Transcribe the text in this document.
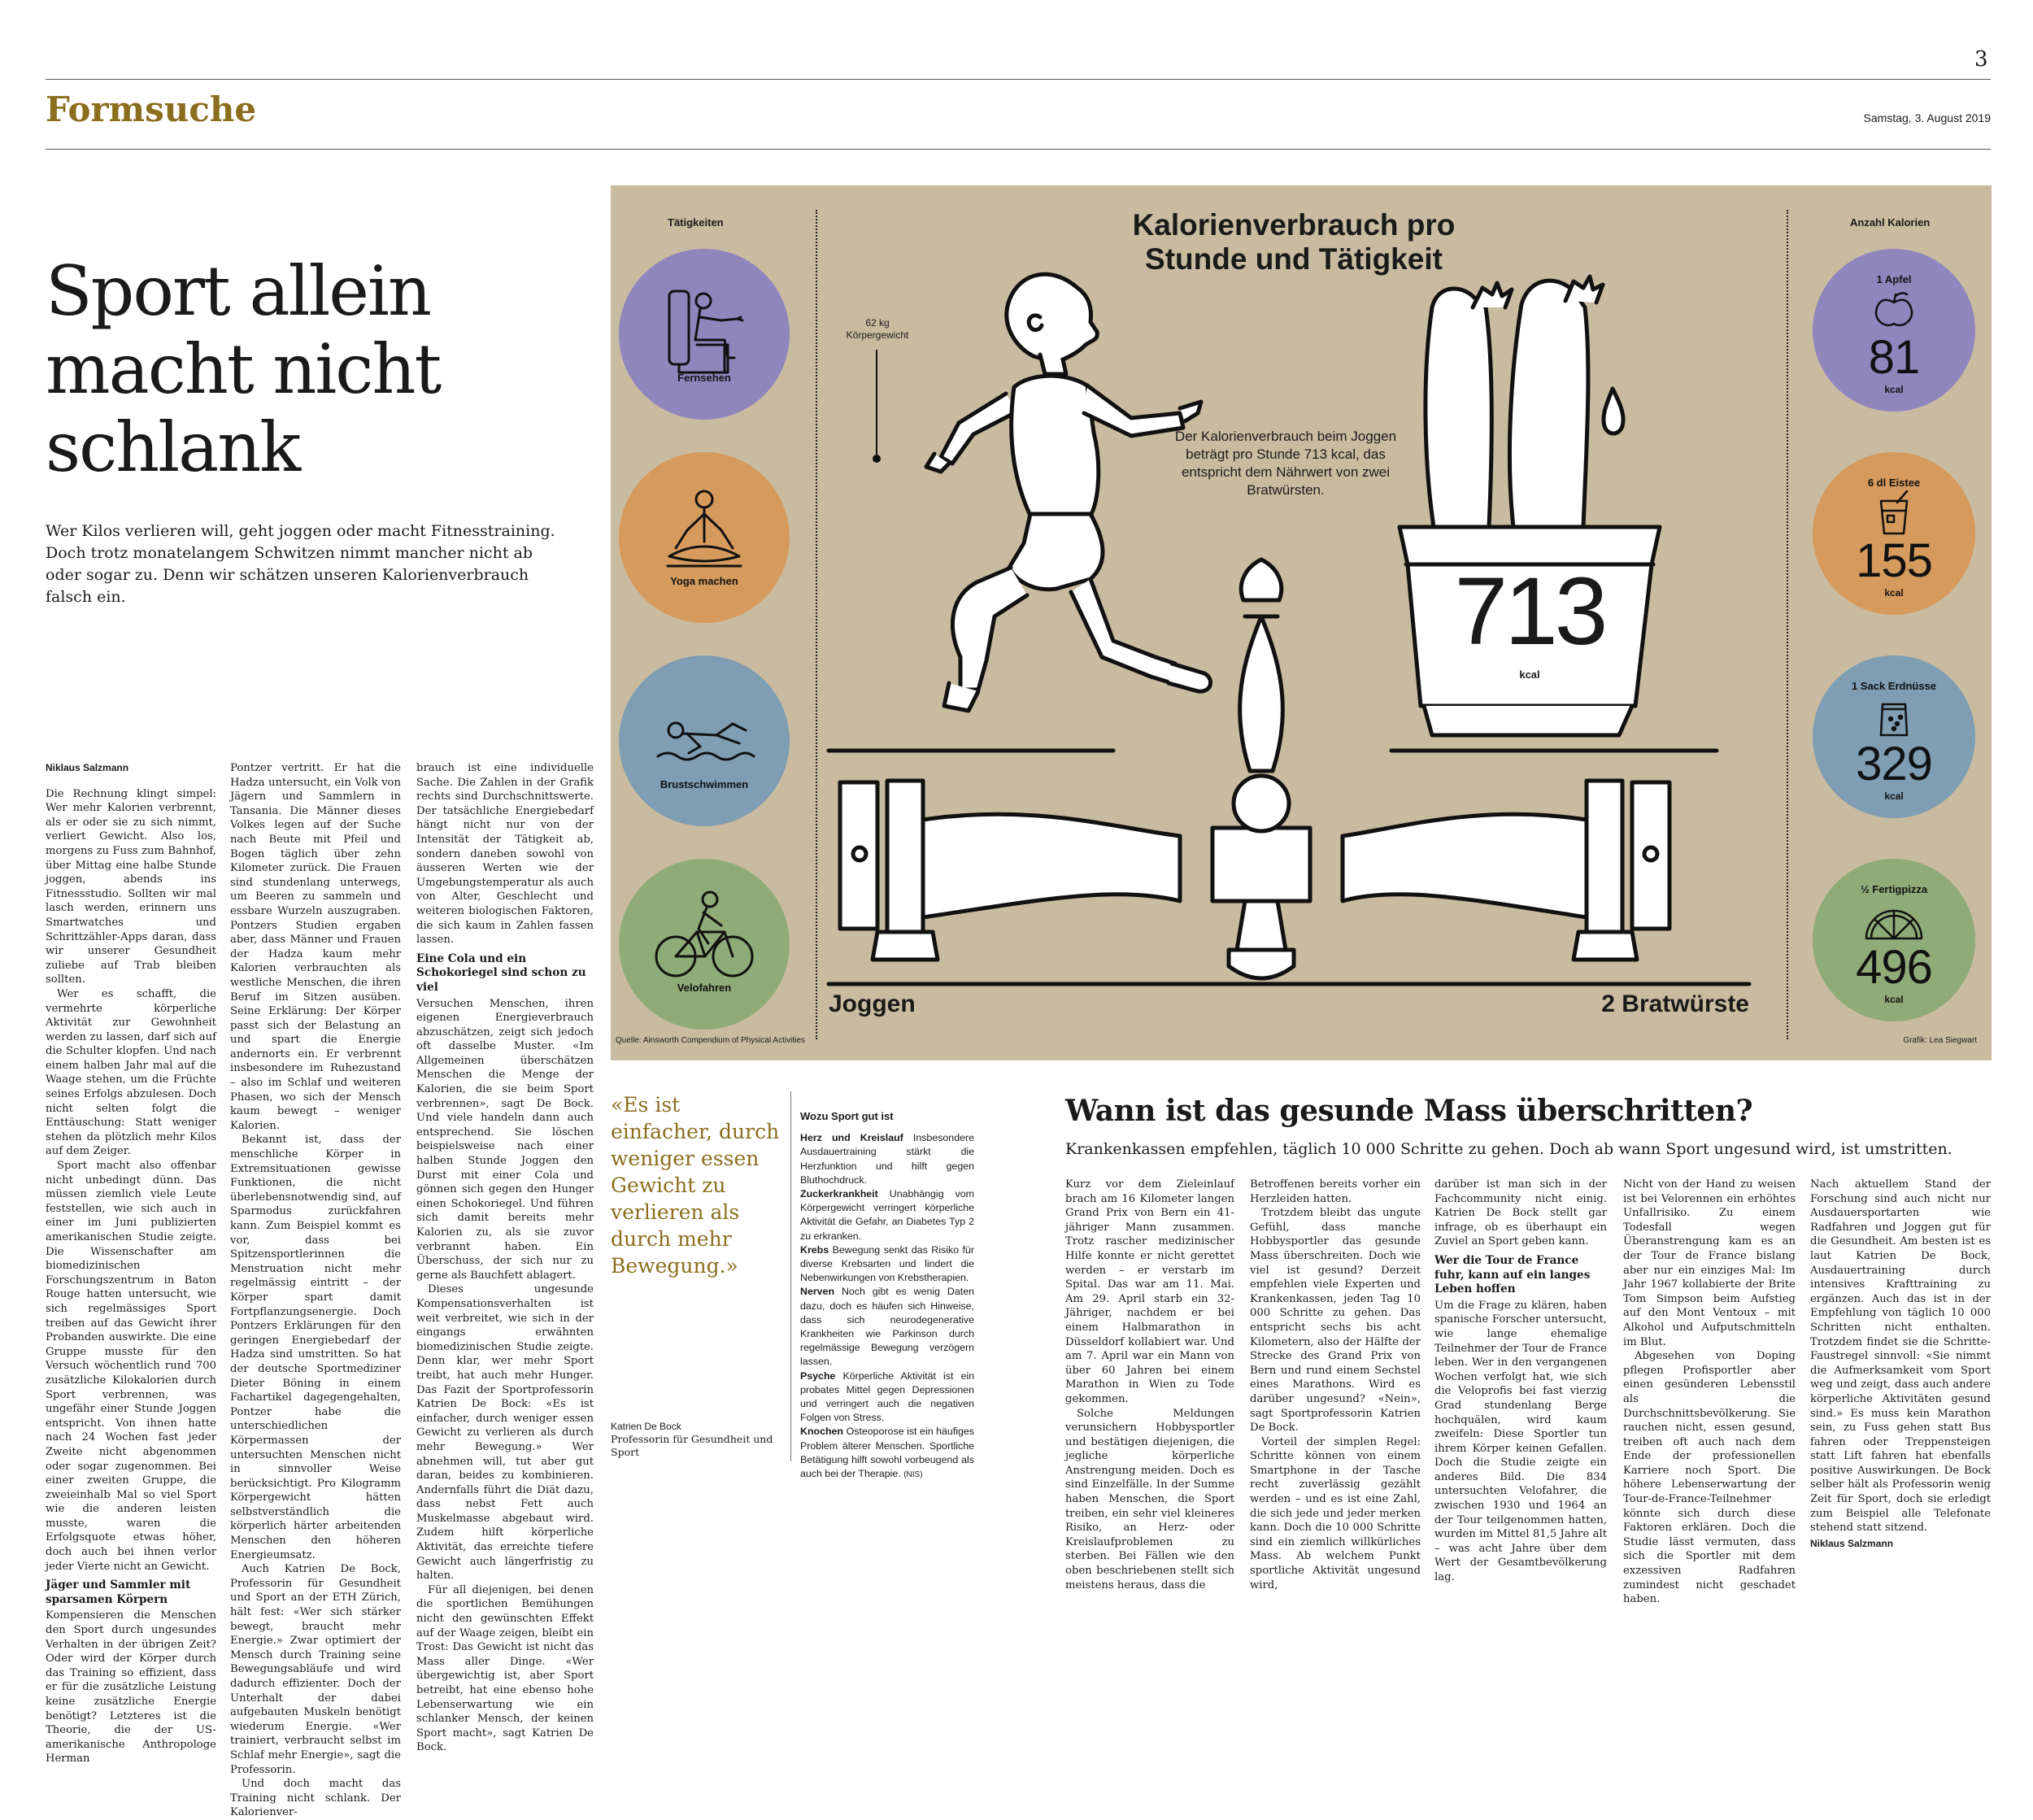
3
Formsuche	Samstag, 3. August 2019
Sport allein macht nicht schlank
Wer Kilos verlieren will, geht joggen oder macht Fitnesstraining. Doch trotz monatelangem Schwitzen nimmt mancher nicht ab oder sogar zu. Denn wir schätzen unseren Kalorienverbrauch falsch ein.
Niklaus Salzmann

Die Rechnung klingt simpel: Wer mehr Kalorien verbrennt, als er oder sie zu sich nimmt, verliert Gewicht. Also los, morgens zu Fuss zum Bahnhof, über Mittag eine halbe Stunde joggen, abends ins Fitnessstudio. Sollten wir mal lasch werden, erinnern uns Smartwatches und Schrittzähler-Apps daran, dass wir unserer Gesundheit zuliebe auf Trab bleiben sollten.

Wer es schafft, die vermehrte körperliche Aktivität zur Gewohnheit werden zu lassen, darf sich auf die Schulter klopfen. Und nach einem halben Jahr mal auf die Waage stehen, um die Früchte seines Erfolgs abzulesen. Doch nicht selten folgt die Enttäuschung: Statt weniger stehen da plötzlich mehr Kilos auf dem Zeiger.

Sport macht also offenbar nicht unbedingt dünn. Das müssen ziemlich viele Leute feststellen, wie sich auch in einer im Juni publizierten amerikanischen Studie zeigte. Die Wissenschafter am biomedizinischen Forschungszentrum in Baton Rouge hatten untersucht, wie sich regelmässiges Sport treiben auf das Gewicht ihrer Probanden auswirkte. Die eine Gruppe musste für den Versuch wöchentlich rund 700 zusätzliche Kilokalorien durch Sport verbrennen, was ungefähr einer Stunde Joggen entspricht. Von ihnen hatte nach 24 Wochen fast jeder Zweite nicht abgenommen oder sogar zugenommen. Bei einer zweiten Gruppe, die zweieinhalb Mal so viel Sport wie die anderen leisten musste, waren die Erfolgsquote etwas höher, doch auch bei ihnen verlor jeder Vierte nicht an Gewicht.

Jäger und Sammler mit sparsamen Körpern

Kompensieren die Menschen den Sport durch ungesundes Verhalten in der übrigen Zeit? Oder wird der Körper durch das Training so effizient, dass er für die zusätzliche Leistung keine zusätzliche Energie benötigt? Letzteres ist die Theorie, die der US-amerikanische Anthropologe Herman

Pontzer vertritt. Er hat die Hadza untersucht, ein Volk von Jägern und Sammlern in Tansania. Die Männer dieses Volkes legen auf der Suche nach Beute mit Pfeil und Bogen täglich über zehn Kilometer zurück. Die Frauen sind stundenlang unterwegs, um Beeren zu sammeln und essbare Wurzeln auszugraben. Pontzers Studien ergaben aber, dass Männer und Frauen der Hadza kaum mehr Kalorien verbrauchten als westliche Menschen, die ihren Beruf im Sitzen ausüben. Seine Erklärung: Der Körper passt sich der Belastung an und spart die Energie andernorts ein. Er verbrennt insbesondere im Ruhezustand – also im Schlaf und weiteren Phasen, wo sich der Mensch kaum bewegt – weniger Kalorien.

Bekannt ist, dass der menschliche Körper in Extremsituationen gewisse Funktionen, die nicht überlebensnotwendig sind, auf Sparmodus zurückfahren kann. Zum Beispiel kommt es vor, dass bei Spitzensportlerinnen die Menstruation nicht mehr regelmässig eintritt – der Körper spart damit Fortpflanzungsenergie. Doch Pontzers Erklärungen für den geringen Energiebedarf der Hadza sind umstritten. So hat der deutsche Sportmediziner Dieter Böning in einem Fachartikel dagegengehalten, Pontzer habe die unterschiedlichen Körpermassen der untersuchten Menschen nicht in sinnvoller Weise berücksichtigt. Pro Kilogramm Körpergewicht hätten selbstverständlich die körperlich härter arbeitenden Menschen den höheren Energieumsatz.

Auch Katrien De Bock, Professorin für Gesundheit und Sport an der ETH Zürich, hält fest: «Wer sich stärker bewegt, braucht mehr Energie.» Zwar optimiert der Mensch durch Training seine Bewegungsabläufe und wird dadurch effizienter. Doch der Unterhalt der dabei aufgebauten Muskeln benötigt wiederum Energie. «Wer trainiert, verbraucht selbst im Schlaf mehr Energie», sagt die Professorin.

Und doch macht das Training nicht schlank. Der Kalorienver-

brauch ist eine individuelle Sache. Die Zahlen in der Grafik rechts sind Durchschnittswerte. Der tatsächliche Energiebedarf hängt nicht nur von der Intensität der Tätigkeit ab, sondern daneben sowohl von äusseren Werten wie der Umgebungstemperatur als auch von Alter, Geschlecht und weiteren biologischen Faktoren, die sich kaum in Zahlen fassen lassen.

Eine Cola und ein Schokoriegel sind schon zu viel

Versuchen Menschen, ihren eigenen Energieverbrauch abzuschätzen, zeigt sich jedoch oft dasselbe Muster. «Im Allgemeinen überschätzen Menschen die Menge der Kalorien, die sie beim Sport verbrennen», sagt De Bock. Und viele handeln dann auch entsprechend. Sie löschen beispielsweise nach einer halben Stunde Joggen den Durst mit einer Cola und gönnen sich gegen den Hunger einen Schokoriegel. Und führen sich damit bereits mehr Kalorien zu, als sie zuvor verbrannt haben. Ein Überschuss, der sich nur zu gerne als Bauchfett ablagert.

Dieses ungesunde Kompensationsverhalten ist weit verbreitet, wie sich in der eingangs erwähnten biomedizinischen Studie zeigte. Denn klar, wer mehr Sport treibt, hat auch mehr Hunger. Das Fazit der Sportprofessorin Katrien De Bock: «Es ist einfacher, durch weniger essen Gewicht zu verlieren als durch mehr Bewegung.» Wer abnehmen will, tut aber gut daran, beides zu kombinieren. Andernfalls führt die Diät dazu, dass nebst Fett auch Muskelmasse abgebaut wird. Zudem hilft körperliche Aktivität, das erreichte tiefere Gewicht auch längerfristig zu halten.

Für all diejenigen, bei denen die sportlichen Bemühungen nicht den gewünschten Effekt auf der Waage zeigen, bleibt ein Trost: Das Gewicht ist nicht das Mass aller Dinge. «Wer übergewichtig ist, aber Sport betreibt, hat eine ebenso hohe Lebenserwartung wie ein schlanker Mensch, der keinen Sport macht», sagt Katrien De Bock.

«Es ist einfacher, durch weniger essen Gewicht zu verlieren als durch mehr Bewegung.»
Katrien De Bock
Professorin für Gesundheit und Sport
Wozu Sport gut ist

Herz und Kreislauf Insbesondere Ausdauertraining stärkt die Herzfunktion und hilft gegen Bluthochdruck.

Zuckerkrankheit Unabhängig vom Körpergewicht verringert körperliche Aktivität die Gefahr, an Diabetes Typ 2 zu erkranken.

Krebs Bewegung senkt das Risiko für diverse Krebsarten und lindert die Nebenwirkungen von Krebstherapien.

Nerven Noch gibt es wenig Daten dazu, doch es häufen sich Hinweise, dass sich neurodegenerative Krankheiten wie Parkinson durch regelmässige Bewegung verzögern lassen.

Psyche Körperliche Aktivität ist ein probates Mittel gegen Depressionen und verringert auch die negativen Folgen von Stress.

Knochen Osteoporose ist ein häufiges Problem älterer Menschen. Sportliche Betätigung hilft sowohl vorbeugend als auch bei der Therapie. (NIS)

Wann ist das gesunde Mass überschritten?
Krankenkassen empfehlen, täglich 10 000 Schritte zu gehen. Doch ab wann Sport ungesund wird, ist umstritten.

Kurz vor dem Zieleinlauf brach am 16 Kilometer langen Grand Prix von Bern ein 41-jähriger Mann zusammen. Trotz rascher medizinischer Hilfe konnte er nicht gerettet werden – er verstarb im Spital. Das war am 11. Mai. Am 29. April starb ein 32-Jähriger, nachdem er bei einem Halbmarathon in Düsseldorf kollabiert war. Und am 7. April war ein Mann von über 60 Jahren bei einem Marathon in Wien zu Tode gekommen.

Solche Meldungen verunsichern Hobbysportler und bestätigen diejenigen, die jegliche körperliche Anstrengung meiden. Doch es sind Einzelfälle. In der Summe haben Menschen, die Sport treiben, ein sehr viel kleineres Risiko, an Herz- oder Kreislaufproblemen zu sterben. Bei Fällen wie den oben beschriebenen stellt sich meistens heraus, dass die

Betroffenen bereits vorher ein Herzleiden hatten.

Trotzdem bleibt das ungute Gefühl, dass manche Hobbysportler das gesunde Mass überschreiten. Doch wie viel ist gesund? Derzeit empfehlen viele Experten und Krankenkassen, jeden Tag 10 000 Schritte zu gehen. Das entspricht sechs bis acht Kilometern, also der Hälfte der Strecke des Grand Prix von Bern und rund einem Sechstel eines Marathons. Wird es darüber ungesund? «Nein», sagt Sportprofessorin Katrien De Bock.

Vorteil der simplen Regel: Schritte können von einem Smartphone in der Tasche recht zuverlässig gezählt werden – und es ist eine Zahl, die sich jede und jeder merken kann. Doch die 10 000 Schritte sind ein ziemlich willkürliches Mass. Ab welchem Punkt sportliche Aktivität ungesund wird,

darüber ist man sich in der Fachcommunity nicht einig. Katrien De Bock stellt gar infrage, ob es überhaupt ein Zuviel an Sport geben kann.

Wer die Tour de France fuhr, kann auf ein langes Leben hoffen

Um die Frage zu klären, haben spanische Forscher untersucht, wie lange ehemalige Teilnehmer der Tour de France leben. Wer in den vergangenen Wochen verfolgt hat, wie sich die Veloprofis bei fast vierzig Grad stundenlang Berge hochquälen, wird kaum zweifeln: Diese Sportler tun ihrem Körper keinen Gefallen. Doch die Studie zeigte ein anderes Bild. Die 834 untersuchten Velofahrer, die zwischen 1930 und 1964 an der Tour teilgenommen hatten, wurden im Mittel 81,5 Jahre alt – was acht Jahre über dem Wert der Gesamtbevölkerung lag.

Nicht von der Hand zu weisen ist bei Velorennen ein erhöhtes Unfallrisiko. Zu einem Todesfall wegen Überanstrengung kam es an der Tour de France bislang aber nur ein einziges Mal: Im Jahr 1967 kollabierte der Brite Tom Simpson beim Aufstieg auf den Mont Ventoux – mit Alkohol und Aufputschmitteln im Blut.

Abgesehen von Doping pflegen Profisportler aber einen gesünderen Lebensstil als die Durchschnittsbevölkerung. Sie rauchen nicht, essen gesund, treiben oft auch nach dem Ende der professionellen Karriere noch Sport. Die höhere Lebenserwartung der Tour-de-France-Teilnehmer könnte sich durch diese Faktoren erklären. Doch die Studie lässt vermuten, dass sich die Sportler mit dem exzessiven Radfahren zumindest nicht geschadet haben.

Nach aktuellem Stand der Forschung sind auch nicht nur Ausdauersportarten wie Radfahren und Joggen gut für die Gesundheit. Am besten ist es laut Katrien De Bock, Ausdauertraining durch intensives Krafttraining zu ergänzen. Auch das ist in der Empfehlung von täglich 10 000 Schritten nicht enthalten. Trotzdem findet sie die Schritte-Faustregel sinnvoll: «Sie nimmt die Aufmerksamkeit vom Sport weg und zeigt, dass auch andere körperliche Aktivitäten gesund sind.» Es muss kein Marathon sein, zu Fuss gehen statt Bus fahren oder Treppensteigen statt Lift fahren hat ebenfalls positive Auswirkungen. De Bock selber hält als Professorin wenig Zeit für Sport, doch sie erledigt zum Beispiel alle Telefonate stehend statt sitzend.

Niklaus Salzmann
Tätigkeiten	Anzahl Kalorien
Fernsehen
Yoga machen
Brustschwimmen
Velofahren
1 Apfel
81
kcal
6 dl Eistee
155
kcal
1 Sack Erdnüsse
329
kcal
½ Fertigpizza
496
kcal
Kalorienverbrauch pro Stunde und Tätigkeit
62 kg Körpergewicht
Der Kalorienverbrauch beim Joggen beträgt pro Stunde 713 kcal, das entspricht dem Nährwert von zwei Bratwürsten.
713
kcal
Joggen	2 Bratwürste
Quelle: Ainsworth Compendium of Physical Activities	Grafik: Lea Siegwart
